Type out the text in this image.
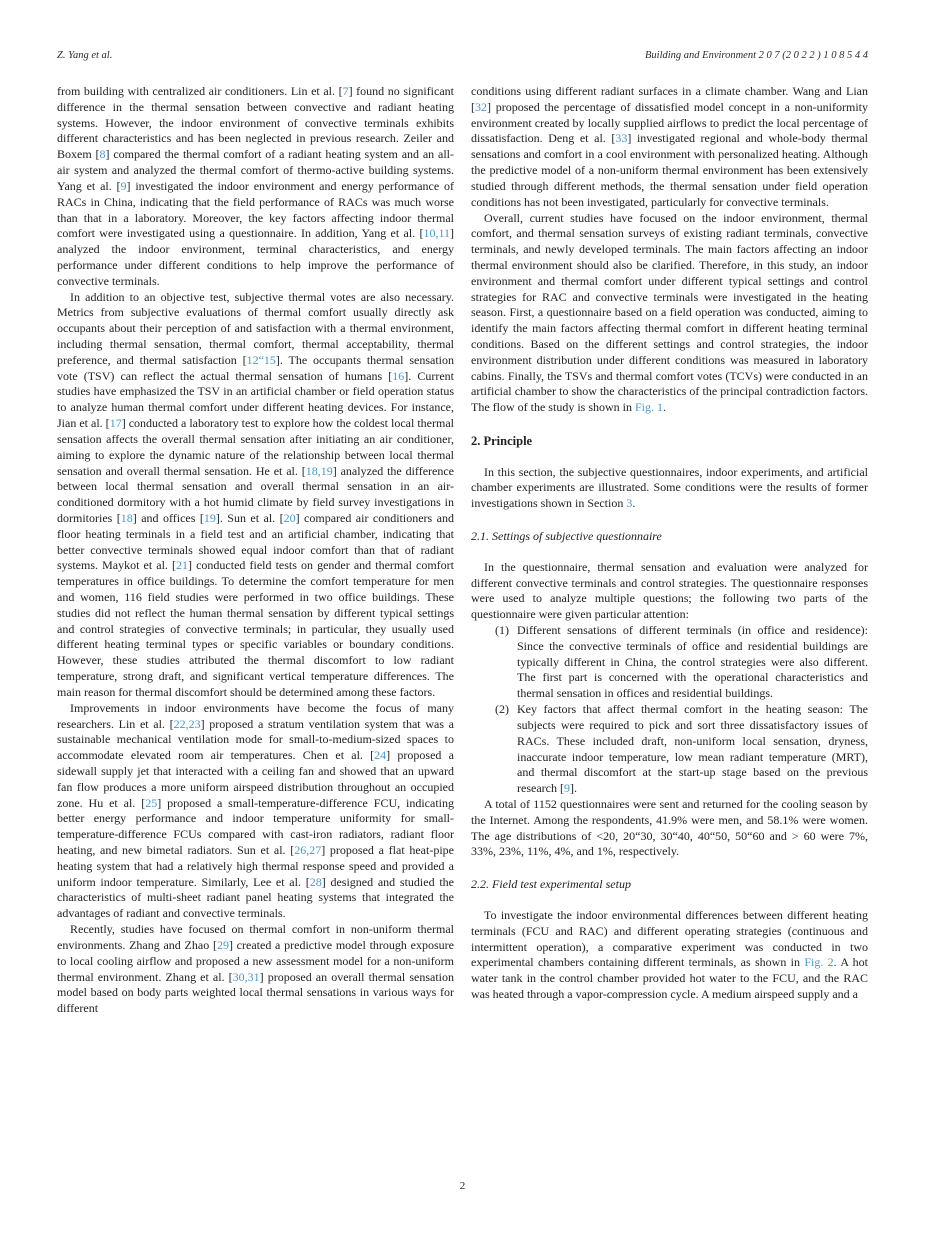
Z. Yang et al.	Building and Environment 2 0 7 (2 0 2 2 ) 1 0 8 5 4 4

from building with centralized air conditioners. Lin et al. [7] found no significant difference in the thermal sensation between convective and radiant heating systems. However, the indoor environment of convective terminals exhibits different characteristics and has been neglected in previous research. Zeiler and Boxem [8] compared the thermal comfort of a radiant heating system and an all-air system and analyzed the thermal comfort of thermo-active building systems. Yang et al. [9] investigated the indoor environment and energy performance of RACs in China, indicating that the field performance of RACs was much worse than that in a laboratory. Moreover, the key factors affecting indoor thermal comfort were investigated using a questionnaire. In addition, Yang et al. [10,11] analyzed the indoor environment, terminal characteristics, and energy performance under different conditions to help improve the performance of convective terminals.

In addition to an objective test, subjective thermal votes are also necessary. Metrics from subjective evaluations of thermal comfort usually directly ask occupants about their perception of and satisfaction with a thermal environment, including thermal sensation, thermal comfort, thermal acceptability, thermal preference, and thermal satisfaction [12“15]. The occupants thermal sensation vote (TSV) can reflect the actual thermal sensation of humans [16]. Current studies have emphasized the TSV in an artificial chamber or field operation status to analyze human thermal comfort under different heating devices. For instance, Jian et al. [17] conducted a laboratory test to explore how the coldest local thermal sensation affects the overall thermal sensation after initiating an air conditioner, aiming to explore the dynamic nature of the relationship between local thermal sensation and overall thermal sensation. He et al. [18,19] analyzed the difference between local thermal sensation and overall thermal sensation in an air-conditioned dormitory with a hot humid climate by field survey investigations in dormitories [18] and offices [19]. Sun et al. [20] compared air conditioners and floor heating terminals in a field test and an artificial chamber, indicating that better convective terminals showed equal indoor comfort than that of radiant systems. Maykot et al. [21] conducted field tests on gender and thermal comfort temperatures in office buildings. To determine the comfort temperature for men and women, 116 field studies were performed in two office buildings. These studies did not reflect the human thermal sensation by different typical settings and control strategies of convective terminals; in particular, they usually used different heating terminal types or specific variables or boundary conditions. However, these studies attributed the thermal discomfort to low radiant temperature, strong draft, and significant vertical temperature differences. The main reason for thermal discomfort should be determined among these factors.

Improvements in indoor environments have become the focus of many researchers. Lin et al. [22,23] proposed a stratum ventilation system that was a sustainable mechanical ventilation mode for small-to-medium-sized spaces to accommodate elevated room air temperatures. Chen et al. [24] proposed a sidewall supply jet that interacted with a ceiling fan and showed that an upward fan flow produces a more uniform airspeed distribution throughout an occupied zone. Hu et al. [25] proposed a small-temperature-difference FCU, indicating better energy performance and indoor temperature uniformity for small-temperature-difference FCUs compared with cast-iron radiators, radiant floor heating, and new bimetal radiators. Sun et al. [26,27] proposed a flat heat-pipe heating system that had a relatively high thermal response speed and provided a uniform indoor temperature. Similarly, Lee et al. [28] designed and studied the characteristics of multi-sheet radiant panel heating systems that integrated the advantages of radiant and convective terminals.

Recently, studies have focused on thermal comfort in non-uniform thermal environments. Zhang and Zhao [29] created a predictive model through exposure to local cooling airflow and proposed a new assessment model for a non-uniform thermal environment. Zhang et al. [30,31] proposed an overall thermal sensation model based on body parts weighted local thermal sensations in various ways for different

conditions using different radiant surfaces in a climate chamber. Wang and Lian [32] proposed the percentage of dissatisfied model concept in a non-uniformity environment created by locally supplied airflows to predict the local percentage of dissatisfaction. Deng et al. [33] investigated regional and whole-body thermal sensations and comfort in a cool environment with personalized heating. Although the predictive model of a non-uniform thermal environment has been extensively studied through different methods, the thermal sensation under field operation conditions has not been investigated, particularly for convective terminals.

Overall, current studies have focused on the indoor environment, thermal comfort, and thermal sensation surveys of existing radiant terminals, convective terminals, and newly developed terminals. The main factors affecting an indoor thermal environment should also be clarified. Therefore, in this study, an indoor environment and thermal comfort under different typical settings and control strategies for RAC and convective terminals were investigated in the heating season. First, a questionnaire based on a field operation was conducted, aiming to identify the main factors affecting thermal comfort in different heating terminal conditions. Based on the different settings and control strategies, the indoor environment distribution under different conditions was measured in laboratory cabins. Finally, the TSVs and thermal comfort votes (TCVs) were conducted in an artificial chamber to show the characteristics of the principal contradiction factors. The flow of the study is shown in Fig. 1.

2. Principle

In this section, the subjective questionnaires, indoor experiments, and artificial chamber experiments are illustrated. Some conditions were the results of former investigations shown in Section 3.

2.1. Settings of subjective questionnaire

In the questionnaire, thermal sensation and evaluation were analyzed for different convective terminals and control strategies. The questionnaire responses were used to analyze multiple questions; the following two parts of the questionnaire were given particular attention:

(1) Different sensations of different terminals (in office and residence): Since the convective terminals of office and residential buildings are typically different in China, the control strategies were also different. The first part is concerned with the operational characteristics and thermal sensation in offices and residential buildings.
(2) Key factors that affect thermal comfort in the heating season: The subjects were required to pick and sort three dissatisfactory issues of RACs. These included draft, non-uniform local sensation, dryness, inaccurate indoor temperature, low mean radiant temperature (MRT), and thermal discomfort at the start-up stage based on the previous research [9].

A total of 1152 questionnaires were sent and returned for the cooling season by the Internet. Among the respondents, 41.9% were men, and 58.1% were women. The age distributions of <20, 20“30, 30“40, 40“50, 50“60 and > 60 were 7%, 33%, 23%, 11%, 4%, and 1%, respectively.

2.2. Field test experimental setup

To investigate the indoor environmental differences between different heating terminals (FCU and RAC) and different operating strategies (continuous and intermittent operation), a comparative experiment was conducted in two experimental chambers containing different terminals, as shown in Fig. 2. A hot water tank in the control chamber provided hot water to the FCU, and the RAC was heated through a vapor-compression cycle. A medium airspeed supply and a

2
